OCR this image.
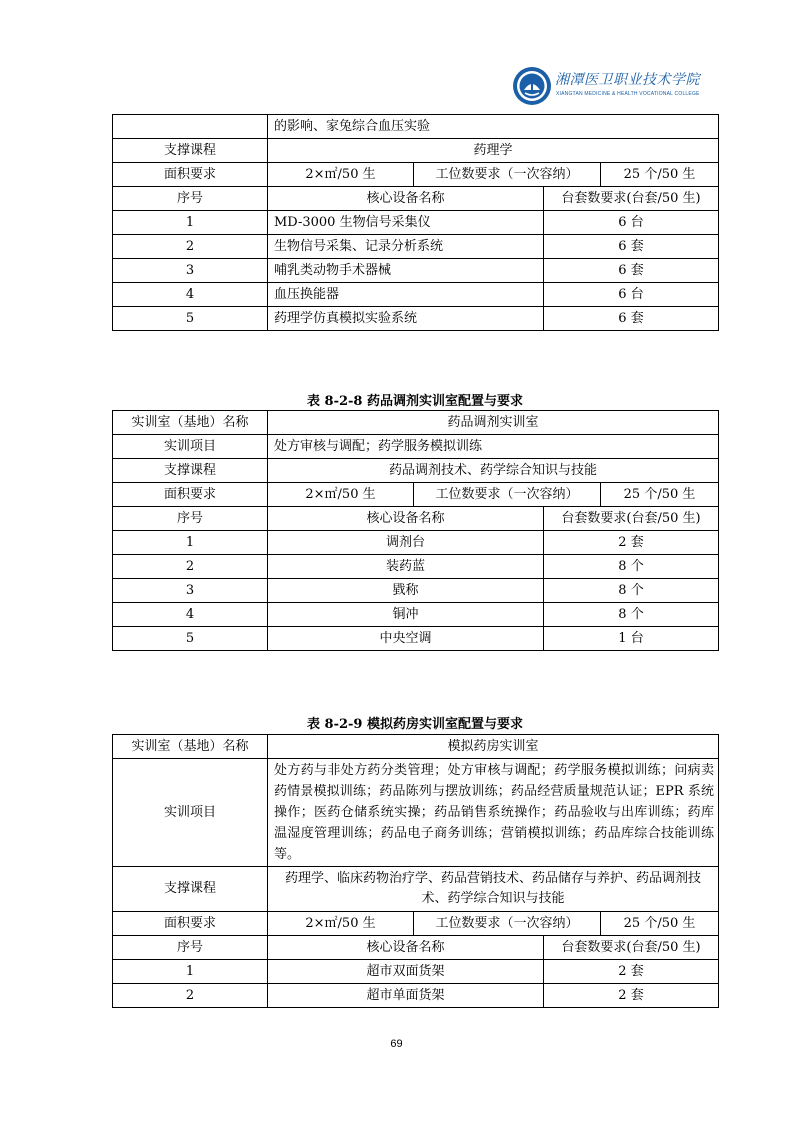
湘潭医卫职业技术学院
XIANGTAN MEDICINE & HEALTH VOCATIONAL COLLEGE
	的影响、家兔综合血压实验			
支撑课程	药理学			
面积要求	2×㎡/50 生	工位数要求（一次容纳）		25 个/50 生
序号	核心设备名称		台套数要求(台套/50 生)	
1	MD-3000 生物信号采集仪		6 台	
2	生物信号采集、记录分析系统		6 套	
3	哺乳类动物手术器械		6 套	
4	血压换能器		6 台	
5	药理学仿真模拟实验系统		6 套	
表 8-2-8 药品调剂实训室配置与要求
实训室（基地）名称	药品调剂实训室			
实训项目	处方审核与调配；药学服务模拟训练			
支撑课程	药品调剂技术、药学综合知识与技能			
面积要求	2×㎡/50 生	工位数要求（一次容纳）		25 个/50 生
序号	核心设备名称		台套数要求(台套/50 生)	
1	调剂台		2 套	
2	装药蓝		8 个	
3	戥称		8 个	
4	铜冲		8 个	
5	中央空调		1 台	
表 8-2-9 模拟药房实训室配置与要求
实训室（基地）名称	模拟药房实训室			
实训项目	处方药与非处方药分类管理；处方审核与调配；药学服务模拟训练；问病卖药情景模拟训练；药品陈列与摆放训练；药品经营质量规范认证；EPR 系统操作；医药仓储系统实操；药品销售系统操作；药品验收与出库训练；药库温湿度管理训练；药品电子商务训练；营销模拟训练；药品库综合技能训练等。			
支撑课程	药理学、临床药物治疗学、药品营销技术、药品储存与养护、药品调剂技术、药学综合知识与技能			
面积要求	2×㎡/50 生	工位数要求（一次容纳）		25 个/50 生
序号	核心设备名称		台套数要求(台套/50 生)	
1	超市双面货架		2 套	
2	超市单面货架		2 套	
69
